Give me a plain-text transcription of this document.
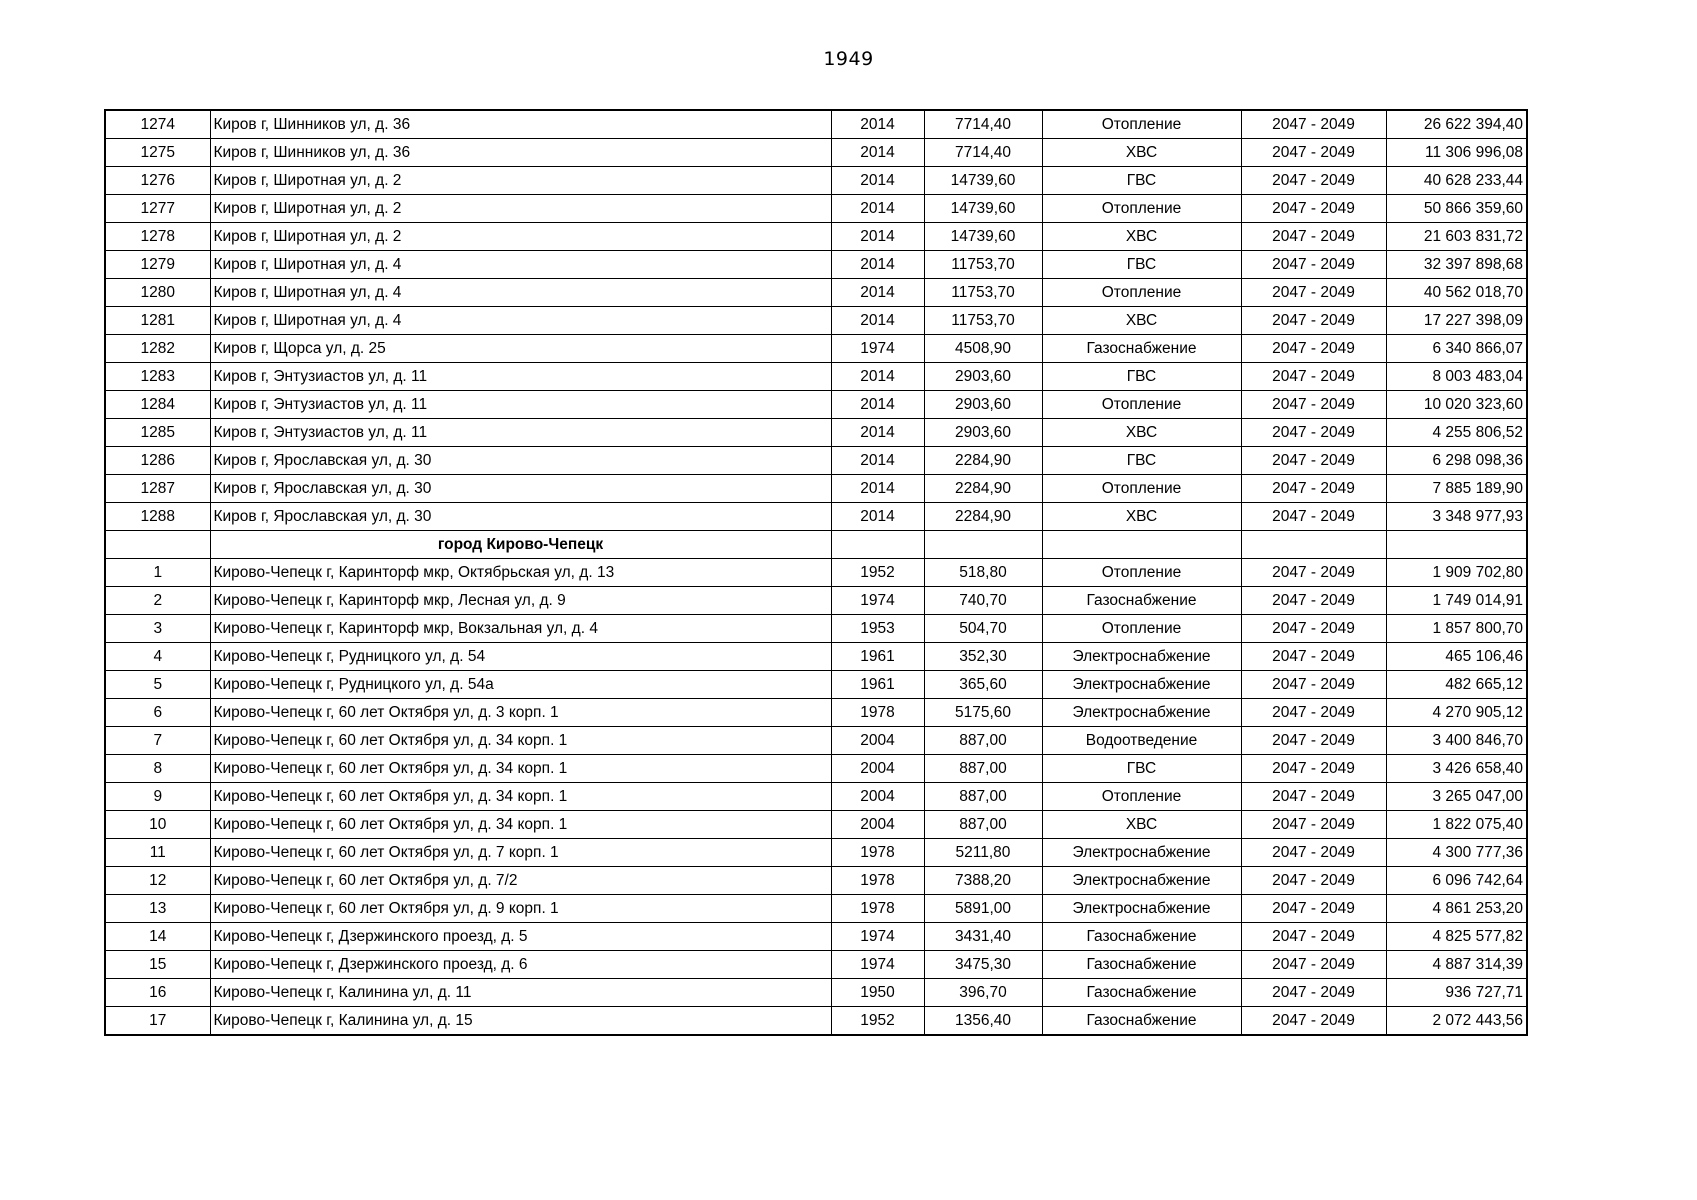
1949
1274	Киров г, Шинников ул, д. 36	2014	7714,40	Отопление	2047 - 2049	26 622 394,40
1275	Киров г, Шинников ул, д. 36	2014	7714,40	ХВС	2047 - 2049	11 306 996,08
1276	Киров г, Широтная ул, д. 2	2014	14739,60	ГВС	2047 - 2049	40 628 233,44
1277	Киров г, Широтная ул, д. 2	2014	14739,60	Отопление	2047 - 2049	50 866 359,60
1278	Киров г, Широтная ул, д. 2	2014	14739,60	ХВС	2047 - 2049	21 603 831,72
1279	Киров г, Широтная ул, д. 4	2014	11753,70	ГВС	2047 - 2049	32 397 898,68
1280	Киров г, Широтная ул, д. 4	2014	11753,70	Отопление	2047 - 2049	40 562 018,70
1281	Киров г, Широтная ул, д. 4	2014	11753,70	ХВС	2047 - 2049	17 227 398,09
1282	Киров г, Щорса ул, д. 25	1974	4508,90	Газоснабжение	2047 - 2049	6 340 866,07
1283	Киров г, Энтузиастов ул, д. 11	2014	2903,60	ГВС	2047 - 2049	8 003 483,04
1284	Киров г, Энтузиастов ул, д. 11	2014	2903,60	Отопление	2047 - 2049	10 020 323,60
1285	Киров г, Энтузиастов ул, д. 11	2014	2903,60	ХВС	2047 - 2049	4 255 806,52
1286	Киров г, Ярославская ул, д. 30	2014	2284,90	ГВС	2047 - 2049	6 298 098,36
1287	Киров г, Ярославская ул, д. 30	2014	2284,90	Отопление	2047 - 2049	7 885 189,90
1288	Киров г, Ярославская ул, д. 30	2014	2284,90	ХВС	2047 - 2049	3 348 977,93
	город Кирово-Чепецк					
1	Кирово-Чепецк г, Каринторф мкр, Октябрьская ул, д. 13	1952	518,80	Отопление	2047 - 2049	1 909 702,80
2	Кирово-Чепецк г, Каринторф мкр, Лесная ул, д. 9	1974	740,70	Газоснабжение	2047 - 2049	1 749 014,91
3	Кирово-Чепецк г, Каринторф мкр, Вокзальная ул, д. 4	1953	504,70	Отопление	2047 - 2049	1 857 800,70
4	Кирово-Чепецк г, Рудницкого ул, д. 54	1961	352,30	Электроснабжение	2047 - 2049	465 106,46
5	Кирово-Чепецк г, Рудницкого ул, д. 54а	1961	365,60	Электроснабжение	2047 - 2049	482 665,12
6	Кирово-Чепецк г, 60 лет Октября ул, д. 3 корп. 1	1978	5175,60	Электроснабжение	2047 - 2049	4 270 905,12
7	Кирово-Чепецк г, 60 лет Октября ул, д. 34 корп. 1	2004	887,00	Водоотведение	2047 - 2049	3 400 846,70
8	Кирово-Чепецк г, 60 лет Октября ул, д. 34 корп. 1	2004	887,00	ГВС	2047 - 2049	3 426 658,40
9	Кирово-Чепецк г, 60 лет Октября ул, д. 34 корп. 1	2004	887,00	Отопление	2047 - 2049	3 265 047,00
10	Кирово-Чепецк г, 60 лет Октября ул, д. 34 корп. 1	2004	887,00	ХВС	2047 - 2049	1 822 075,40
11	Кирово-Чепецк г, 60 лет Октября ул, д. 7 корп. 1	1978	5211,80	Электроснабжение	2047 - 2049	4 300 777,36
12	Кирово-Чепецк г, 60 лет Октября ул, д. 7/2	1978	7388,20	Электроснабжение	2047 - 2049	6 096 742,64
13	Кирово-Чепецк г, 60 лет Октября ул, д. 9 корп. 1	1978	5891,00	Электроснабжение	2047 - 2049	4 861 253,20
14	Кирово-Чепецк г, Дзержинского проезд, д. 5	1974	3431,40	Газоснабжение	2047 - 2049	4 825 577,82
15	Кирово-Чепецк г, Дзержинского проезд, д. 6	1974	3475,30	Газоснабжение	2047 - 2049	4 887 314,39
16	Кирово-Чепецк г, Калинина ул, д. 11	1950	396,70	Газоснабжение	2047 - 2049	936 727,71
17	Кирово-Чепецк г, Калинина ул, д. 15	1952	1356,40	Газоснабжение	2047 - 2049	2 072 443,56
